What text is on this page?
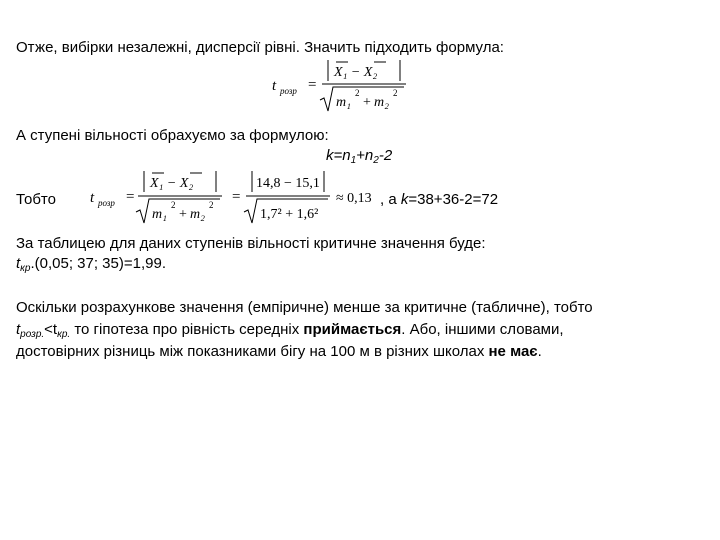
Отже, вибірки незалежні, дисперсії рівні. Значить підходить формула:
t розр =
X₁ − X₂
m₁
2
+ m₂
2
А ступені вільності обрахуємо за формулою:
$k=n_1+n_2-2$
Тобто t розр =
X₁ − X₂
m₁
2
+ m₂
2 =
14,8 − 15,1
1,7² + 1,6²
≈ 0,13 , а k=38+36-2=72
За таблицею для даних ступенів вільності критичне значення буде:
$t_{кр}.(0,05$; 37; 35)=1,99.
Оскільки розрахункове значення (емпіричне) менше за критичне (табличне), тобто
$t_{розр.}<t_{кр.}$ то гіпотеза про рівність середніх приймається. Або, іншими словами,
достовірних різниць між показниками бігу на 100 м в різних школах не має.
